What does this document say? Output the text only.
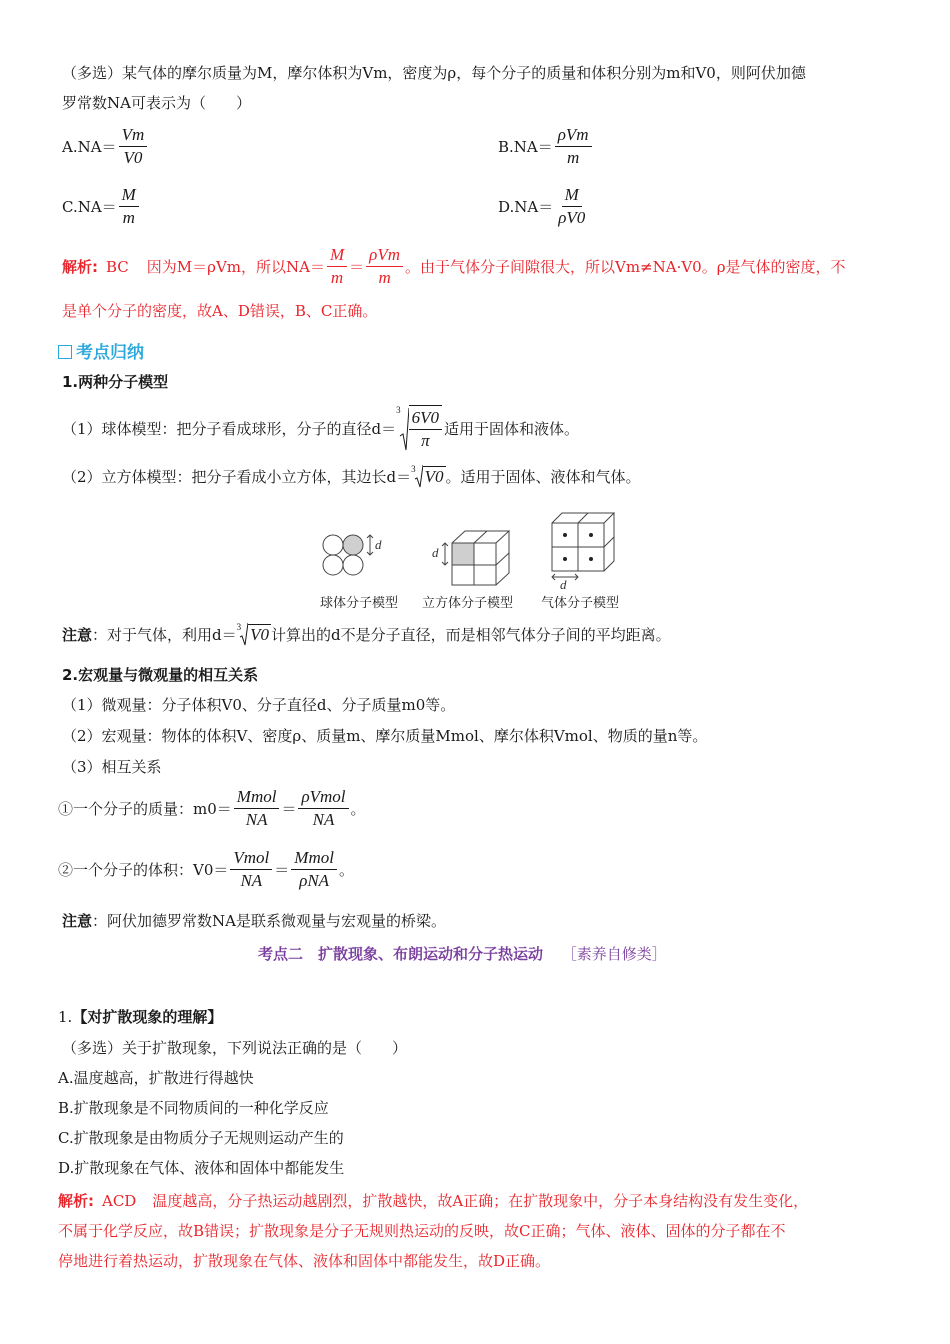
（多选）某气体的摩尔质量为M，摩尔体积为Vm，密度为ρ，每个分子的质量和体积分别为m和V0，则阿伏加德
罗常数NA可表示为（　　）
$A.NA= \frac{Vm}{V0}$	$B.NA= \frac{\text{ρVm}}{m}$
$C.NA= \frac{M}{m}$	$D.NA= \frac{M}{\rho V0}$
解析: BC 因为M＝ρVm，所以$NA= \frac{M}{m} = \frac{\text{ρVm}}{m}$ 。由于气体分子间隙很大，所以Vm≠NA·V0。ρ是气体的密度，不
是单个分子的密度，故A、D错误，B、C正确。
考点归纳
1.两种分子模型
（1）球体模型：把分子看成球形，分子的直径d＝
$3 \frac{6V0}{\pi}$ 适用于固体和液体。
（2）立方体模型：把分子看成小立方体，其边长d＝ 3 V0 。适用于固体、液体和气体。
d
d
d
球体分子模型 立方体分子模型 气体分子模型
注意 ：对于气体，利用d＝ 3 V0 计算出的d不是分子直径，而是相邻气体分子间的平均距离。
2.宏观量与微观量的相互关系
（1）微观量：分子体积V0、分子直径d、分子质量m0等。
（2）宏观量：物体的体积V、密度ρ、质量m、摩尔质量Mmol、摩尔体积Vmol、物质的量n等。
（3）相互关系
①一个分子的质量：$m0= \frac{\text{Mmol}}{NA} = \frac{\text{ρVmol}}{NA}$ 。
②一个分子的体积：$V0= \frac{\text{Vmol}}{NA} = \frac{\text{Mmol}}{\text{ρNA}}$ 。
注意：阿伏加德罗常数NA是联系微观量与宏观量的桥梁。
考点二　扩散现象、布朗运动和分子热运动 ［素养自修类］
1.【对扩散现象的理解】
（多选）关于扩散现象，下列说法正确的是（　　）
A.温度越高，扩散进行得越快
B.扩散现象是不同物质间的一种化学反应
C.扩散现象是由物质分子无规则运动产生的
D.扩散现象在气体、液体和固体中都能发生
解析: ACD 温度越高，分子热运动越剧烈，扩散越快，故A正确；在扩散现象中，分子本身结构没有发生变化，
不属于化学反应，故B错误；扩散现象是分子无规则热运动的反映，故C正确；气体、液体、固体的分子都在不
停地进行着热运动，扩散现象在气体、液体和固体中都能发生，故D正确。
